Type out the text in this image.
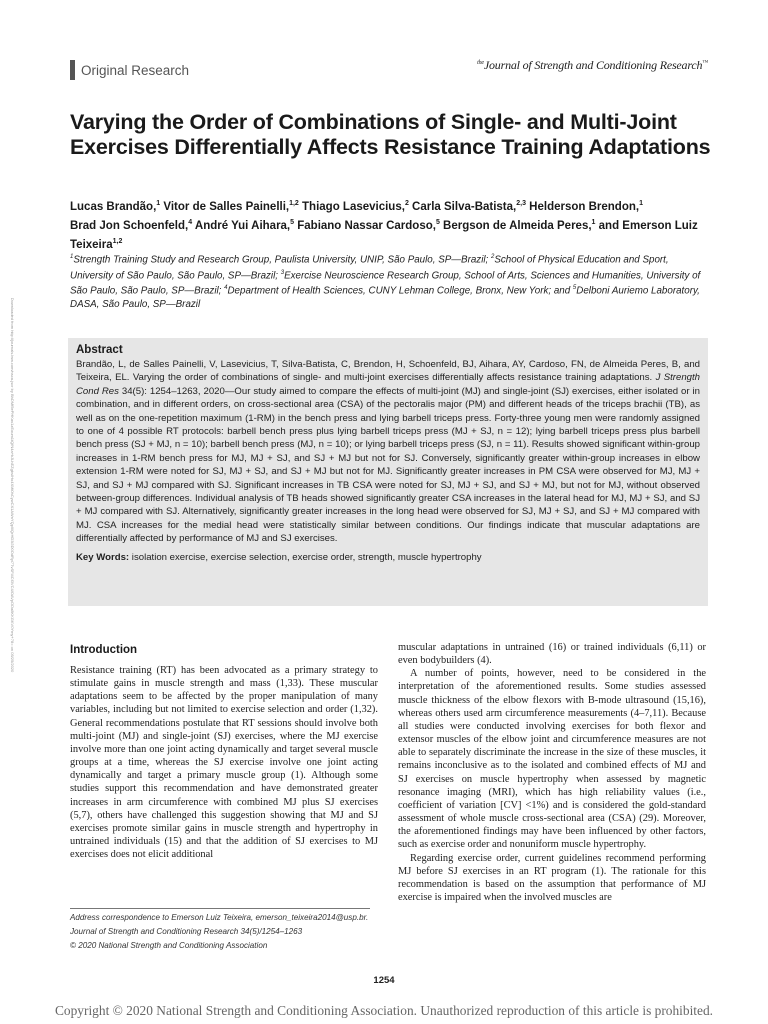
Downloaded from http://journals.lww.com/nsca-jscr by BhDMf5ePHKav1zEoum1tQfN4a+kJLhEZgbsIHo4XMi0hCywCX1AWnYQp/IlQrHD3i3D0OdRyi7TvSFl4Cf3VC4/OAVpDDa8KKGKV0Ymy+78= on 05/25/2020
Original Research	$^{the}$Journal of Strength and Conditioning Research™
Varying the Order of Combinations of Single- and Multi-Joint Exercises Differentially Affects Resistance Training Adaptations
Lucas Brandão,$^1$ Vitor de Salles Painelli,$^{1,2}$ Thiago Lasevicius,$^2$ Carla Silva-Batista,$^{2,3}$ Helderson Brendon,$^1$
Brad Jon Schoenfeld,$^4$ André Yui Aihara,$^5$ Fabiano Nassar Cardoso,$^5$ Bergson de Almeida Peres,$^1$ and Emerson Luiz Teixeira$^{1,2}$
$^1$Strength Training Study and Research Group, Paulista University, UNIP, São Paulo, SP—Brazil; $^2$School of Physical Education and Sport, University of São Paulo, São Paulo, SP—Brazil; $^3$Exercise Neuroscience Research Group, School of Arts, Sciences and Humanities, University of São Paulo, São Paulo, SP—Brazil; $^4$Department of Health Sciences, CUNY Lehman College, Bronx, New York; and $^5$Delboni Auriemo Laboratory, DASA, São Paulo, SP—Brazil
Abstract

Brandão, L, de Salles Painelli, V, Lasevicius, T, Silva-Batista, C, Brendon, H, Schoenfeld, BJ, Aihara, AY, Cardoso, FN, de Almeida Peres, B, and Teixeira, EL. Varying the order of combinations of single- and multi-joint exercises differentially affects resistance training adaptations. J Strength Cond Res 34(5): 1254–1263, 2020—Our study aimed to compare the effects of multi-joint (MJ) and single-joint (SJ) exercises, either isolated or in combination, and in different orders, on cross-sectional area (CSA) of the pectoralis major (PM) and different heads of the triceps brachii (TB), as well as on the one-repetition maximum (1-RM) in the bench press and lying barbell triceps press. Forty-three young men were randomly assigned to one of 4 possible RT protocols: barbell bench press plus lying barbell triceps press (MJ + SJ, n = 12); lying barbell triceps press plus barbell bench press (SJ + MJ, n = 10); barbell bench press (MJ, n = 10); or lying barbell triceps press (SJ, n = 11). Results showed significant within-group increases in 1-RM bench press for MJ, MJ + SJ, and SJ + MJ but not for SJ. Conversely, significantly greater within-group increases in elbow extension 1-RM were noted for SJ, MJ + SJ, and SJ + MJ but not for MJ. Significantly greater increases in PM CSA were observed for MJ, MJ + SJ, and SJ + MJ compared with SJ. Significant increases in TB CSA were noted for SJ, MJ + SJ, and SJ + MJ, but not for MJ, without observed between-group differences. Individual analysis of TB heads showed significantly greater CSA increases in the lateral head for MJ, MJ + SJ, and SJ + MJ compared with SJ. Alternatively, significantly greater increases in the long head were observed for SJ, MJ + SJ, and SJ + MJ compared with MJ. CSA increases for the medial head were statistically similar between conditions. Our findings indicate that muscular adaptations are differentially affected by performance of MJ and SJ exercises.

Key Words: isolation exercise, exercise selection, exercise order, strength, muscle hypertrophy
Introduction

Resistance training (RT) has been advocated as a primary strategy to stimulate gains in muscle strength and mass (1,33). These muscular adaptations seem to be affected by the proper manipulation of many variables, including but not limited to exercise selection and order (1,32). General recommendations postulate that RT sessions should involve both multi-joint (MJ) and single-joint (SJ) exercises, where the MJ exercise involve more than one joint acting dynamically and target several muscle groups at a time, whereas the SJ exercise involve one joint acting dynamically and target a primary muscle group (1). Although some studies support this recommendation and have demonstrated greater increases in arm circumference with combined MJ plus SJ exercises (5,7), others have challenged this suggestion showing that MJ and SJ exercises promote similar gains in muscle strength and hypertrophy in untrained individuals (15) and that the addition of SJ exercises to MJ exercises does not elicit additional

muscular adaptations in untrained (16) or trained individuals (6,11) or even bodybuilders (4).

A number of points, however, need to be considered in the interpretation of the aforementioned results. Some studies assessed muscle thickness of the elbow flexors with B-mode ultrasound (15,16), whereas others used arm circumference measurements (4–7,11). Because all studies were conducted involving exercises for both flexor and extensor muscles of the elbow joint and circumference measures are not able to separately discriminate the increase in the size of these muscles, it remains inconclusive as to the isolated and combined effects of MJ and SJ exercises on muscle hypertrophy when assessed by magnetic resonance imaging (MRI), which has high reliability values (i.e., coefficient of variation [CV] <1%) and is considered the gold-standard assessment of whole muscle cross-sectional area (CSA) (29). Moreover, the aforementioned findings may have been influenced by other factors, such as exercise order and nonuniform muscle hypertrophy.

Regarding exercise order, current guidelines recommend performing MJ before SJ exercises in an RT program (1). The rationale for this recommendation is based on the assumption that performance of MJ exercise is impaired when the involved muscles are

Address correspondence to Emerson Luiz Teixeira, emerson_teixeira2014@usp.br.
Journal of Strength and Conditioning Research 34(5)/1254–1263
© 2020 National Strength and Conditioning Association
1254
Copyright © 2020 National Strength and Conditioning Association. Unauthorized reproduction of this article is prohibited.
